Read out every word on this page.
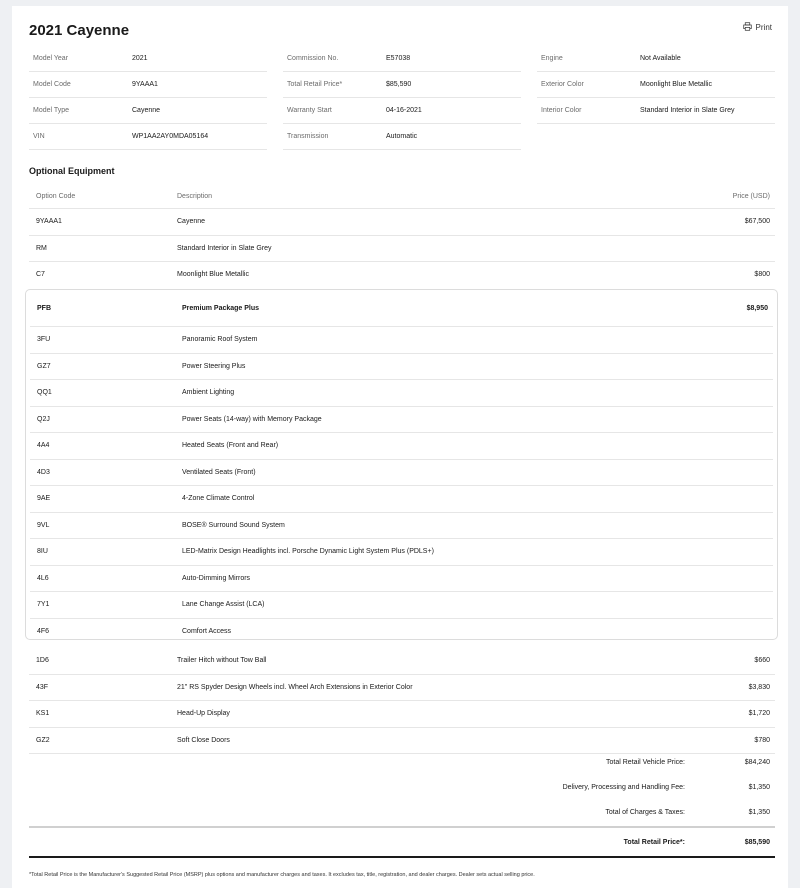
2021 Cayenne	Print
Model Year	2021
Model Code	9YAAA1
Model Type	Cayenne
VIN	WP1AA2AY0MDA05164
Commission No.	E57038
Total Retail Price*	$85,590
Warranty Start	04-16-2021
Transmission	Automatic
Engine	Not Available
Exterior Color	Moonlight Blue Metallic
Interior Color	Standard Interior in Slate Grey
Optional Equipment
Option Code	Description	Price (USD)
9YAAA1	Cayenne	$67,500
RM	Standard Interior in Slate Grey
C7	Moonlight Blue Metallic	$800
PFB	Premium Package Plus	$8,950
3FU	Panoramic Roof System
GZ7	Power Steering Plus
QQ1	Ambient Lighting
Q2J	Power Seats (14-way) with Memory Package
4A4	Heated Seats (Front and Rear)
4D3	Ventilated Seats (Front)
9AE	4-Zone Climate Control
9VL	BOSE® Surround Sound System
8IU	LED-Matrix Design Headlights incl. Porsche Dynamic Light System Plus (PDLS+)
4L6	Auto-Dimming Mirrors
7Y1	Lane Change Assist (LCA)
4F6	Comfort Access
1D6	Trailer Hitch without Tow Ball	$660
43F	21" RS Spyder Design Wheels incl. Wheel Arch Extensions in Exterior Color	$3,830
KS1	Head-Up Display	$1,720
GZ2	Soft Close Doors	$780
Total Retail Vehicle Price:	$84,240
Delivery, Processing and Handling Fee:	$1,350
Total of Charges & Taxes:	$1,350
Total Retail Price*:	$85,590
*Total Retail Price is the Manufacturer's Suggested Retail Price (MSRP) plus options and manufacturer charges and taxes. It excludes tax, title, registration, and dealer charges. Dealer sets actual selling price.
